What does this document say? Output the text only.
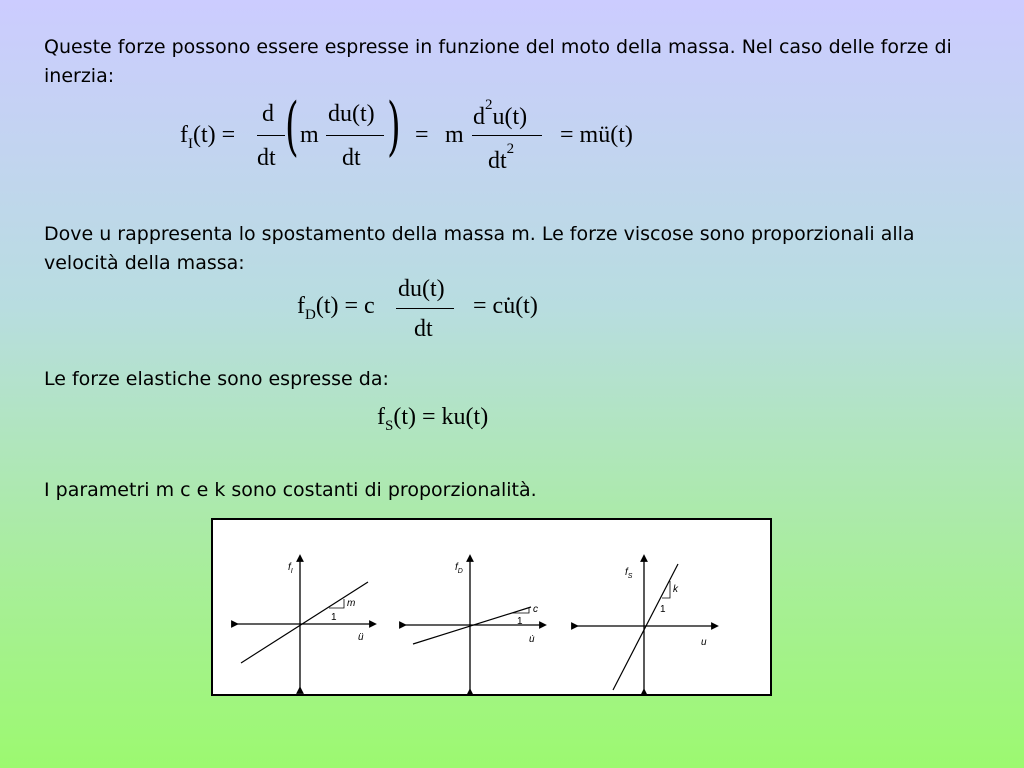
Queste forze possono essere espresse in funzione del moto della massa. Nel caso delle forze di inerzia:

$f_I(t)$ =
d
dt ( m
du(t)
dt ) = m
$d^2u(t)$
$dt^2$
= mü(t)

Dove u rappresenta lo spostamento della massa m. Le forze viscose sono proporzionali alla velocità della massa:

$f_D(t) = c$
du(t)
dt
= cu̇(t)

Le forze elastiche sono espresse da:

$f_S(t) = ku(t)$

I parametri m c e k sono costanti di proporzionalità.

$f_I$
ü
m
1
$f_D$
u̇
c
1
$f_S$
u
k
1
